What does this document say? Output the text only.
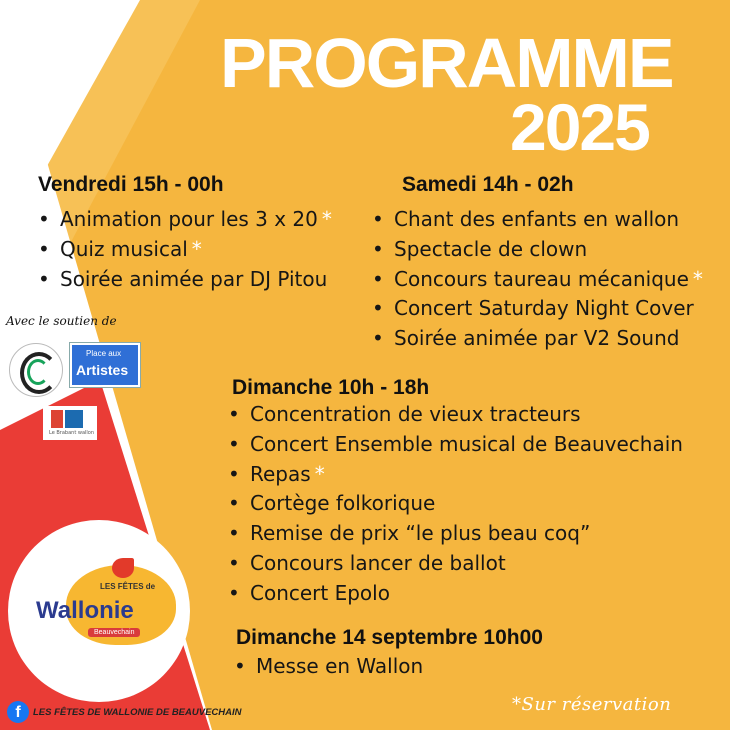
PROGRAMME
2025
Vendredi 15h - 00h
• Animation pour les 3 x 20 *
• Quiz musical *
• Soirée animée par DJ Pitou
Samedi 14h - 02h
• Chant des enfants en wallon
• Spectacle de clown
• Concours taureau mécanique *
• Concert Saturday Night Cover
• Soirée animée par V2 Sound
Dimanche 10h - 18h
• Concentration de vieux tracteurs
• Concert Ensemble musical de Beauvechain
• Repas *
• Cortège folkorique
• Remise de prix “le plus beau coq”
• Concours lancer de ballot
• Concert Epolo
Dimanche 14 septembre 10h00
• Messe en Wallon
Avec le soutien de
Place aux
Artistes
Le Brabant wallon
LES FÊTES de
Wallonie
Beauvechain
f	LES FÊTES DE WALLONIE DE BEAUVECHAIN	*Sur réservation
